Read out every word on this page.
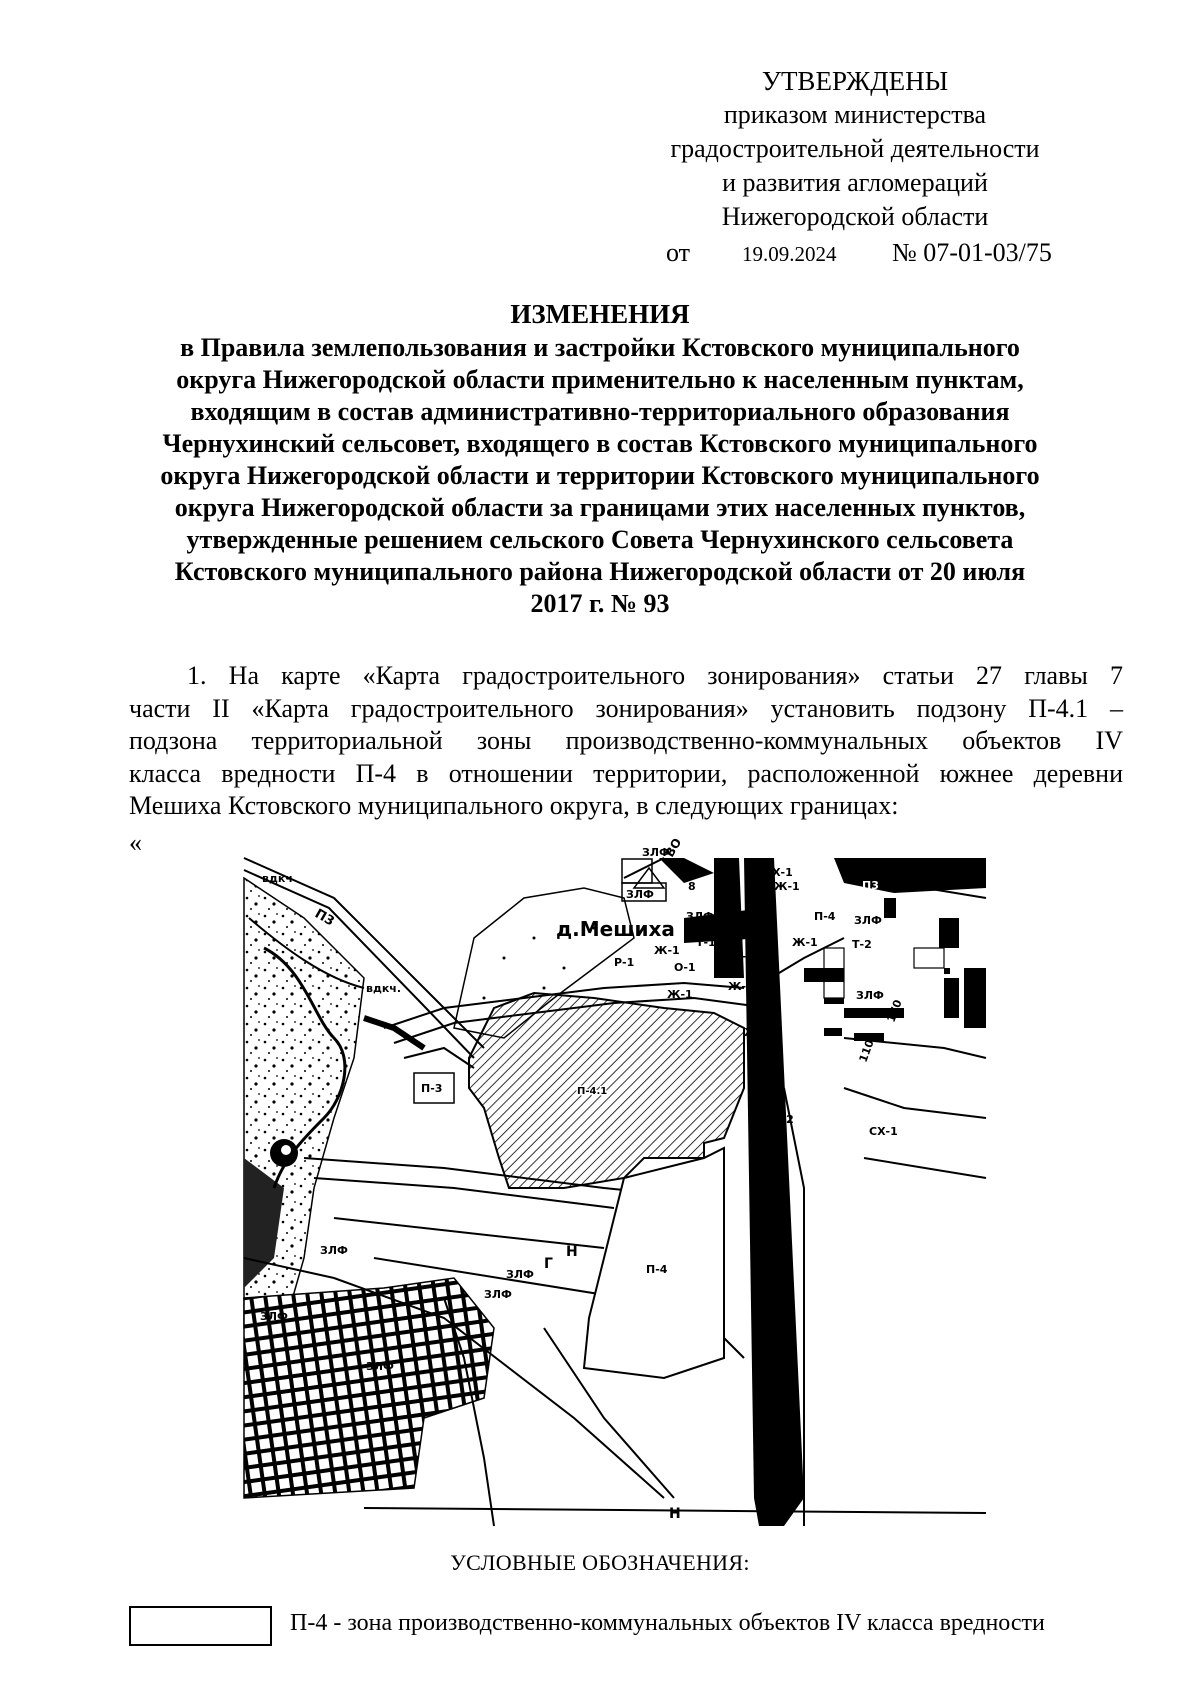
УТВЕРЖДЕНЫ
приказом министерства
градостроительной деятельности
и развития агломераций
Нижегородской области
от 19.09.2024 № 07-01-03/75
ИЗМЕНЕНИЯ
в Правила землепользования и застройки Кстовского муниципального
округа Нижегородской области применительно к населенным пунктам,
входящим в состав административно-территориального образования
Чернухинский сельсовет, входящего в состав Кстовского муниципального
округа Нижегородской области и территории Кстовского муниципального
округа Нижегородской области за границами этих населенных пунктов,
утвержденные решением сельского Совета Чернухинского сельсовета
Кстовского муниципального района Нижегородской области от 20 июля
2017 г. № 93
1. На карте «Карта градостроительного зонирования» статьи 27 главы 7
части II «Карта градостроительного зонирования» установить подзону П-4.1 –
подзона территориальной зоны производственно-коммунальных объектов IV
класса вредности П-4 в отношении территории, расположенной южнее деревни
Мешиха Кстовского муниципального округа, в следующих границах:
«
вдкч
вдкч.
П3
П-3	П-4.1
П-4
П3
П-4
СХ-1
СХ-1
Ж-1
Ж-1
Ж-1
Ж-1
Ж-1
Ж-1
Ж-1
Т-1
Т-1
Т-2
Т-2
О-1
Р-1
ЗЛФ
ЗЛФ
ЗЛФ	ЗЛФ
ЗЛФ
ЗЛФ
ЗЛФ
ЗЛФ
ЗЛФ
ЗЛФ
Н
Н
Г
ВО
8
110
170
д.Мешиха
УСЛОВНЫЕ ОБОЗНАЧЕНИЯ:
П-4 - зона производственно-коммунальных объектов IV класса вредности
